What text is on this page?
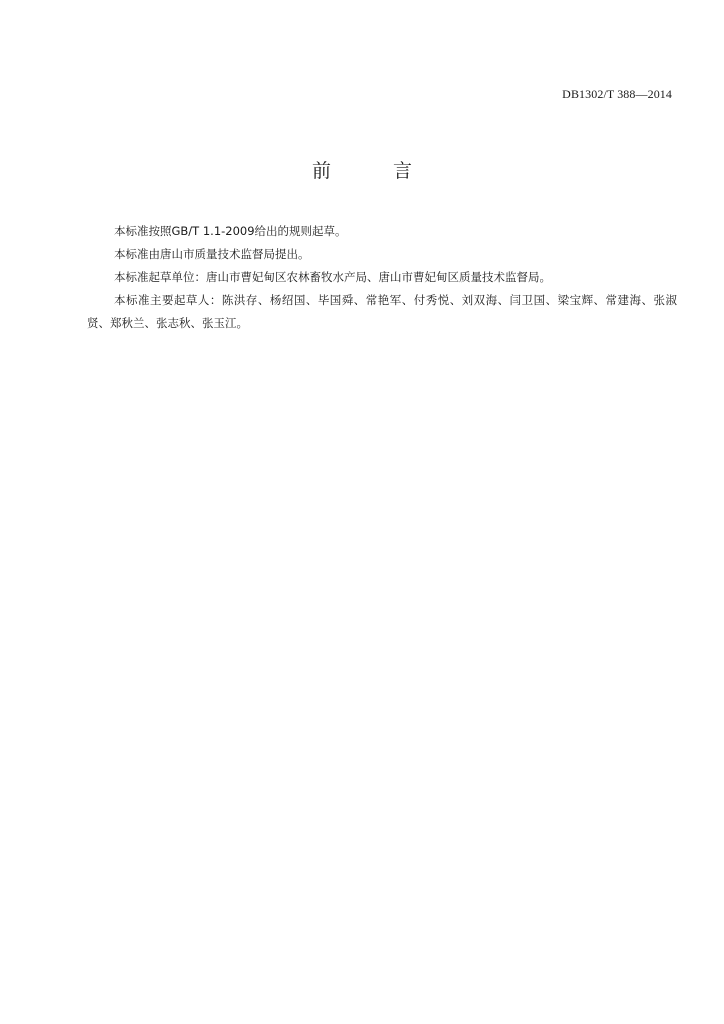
DB1302/T 388—2014
前 言

本标准按照GB/T 1.1-2009给出的规则起草。

本标准由唐山市质量技术监督局提出。

本标准起草单位：唐山市曹妃甸区农林畜牧水产局、唐山市曹妃甸区质量技术监督局。

本标准主要起草人：陈洪存、杨绍国、毕国舜、常艳军、付秀悦、刘双海、闫卫国、梁宝辉、常建海、张淑贤、郑秋兰、张志秋、张玉江。
